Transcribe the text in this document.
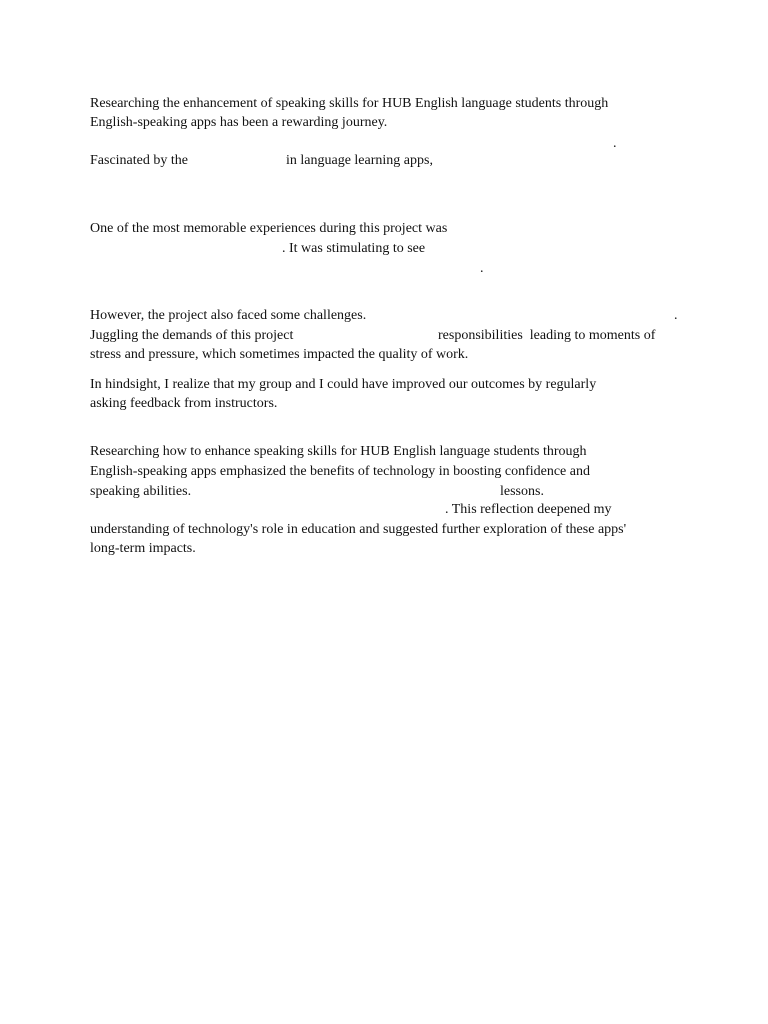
Researching the enhancement of speaking skills for HUB English language students through
English-speaking apps has been a rewarding journey.
.
Fascinated by the	in language learning apps,
One of the most memorable experiences during this project was
. It was stimulating to see
.
However, the project also faced some challenges.	.
Juggling the demands of this project	responsibilities  leading to moments of
stress and pressure, which sometimes impacted the quality of work.
In hindsight, I realize that my group and I could have improved our outcomes by regularly
asking feedback from instructors.
Researching how to enhance speaking skills for HUB English language students through
English-speaking apps emphasized the benefits of technology in boosting confidence and
speaking abilities.	lessons.
. This reflection deepened my
understanding of technology's role in education and suggested further exploration of these apps'
long-term impacts.
